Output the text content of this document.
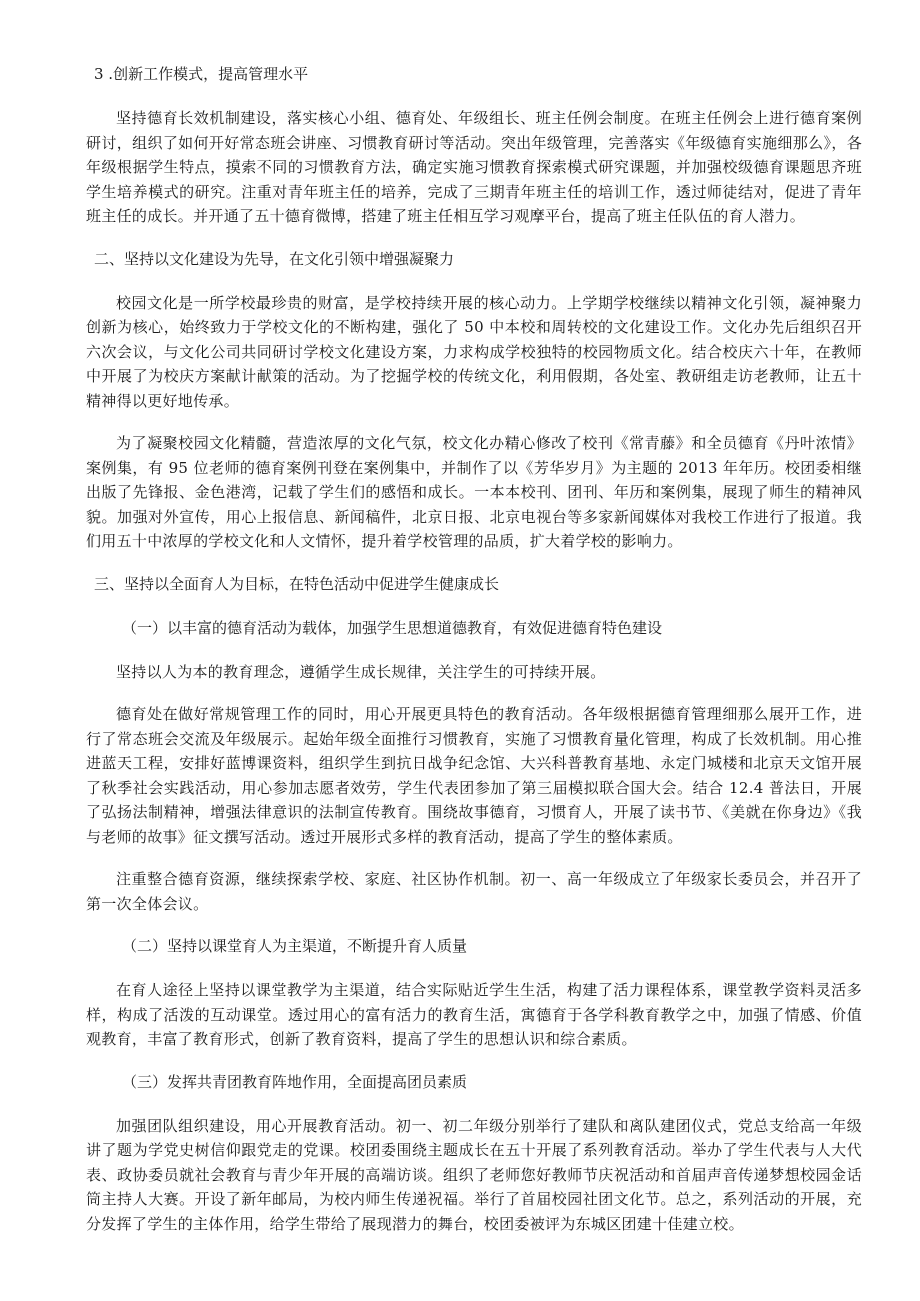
3 .创新工作模式，提高管理水平

坚持德育长效机制建设，落实核心小组、德育处、年级组长、班主任例会制度。在班主任例会上进行德育案例研讨，组织了如何开好常态班会讲座、习惯教育研讨等活动。突出年级管理，完善落实《年级德育实施细那么》，各年级根据学生特点，摸索不同的习惯教育方法，确定实施习惯教育探索模式研究课题，并加强校级德育课题思齐班学生培养模式的研究。注重对青年班主任的培养，完成了三期青年班主任的培训工作，透过师徒结对，促进了青年班主任的成长。并开通了五十德育微博，搭建了班主任相互学习观摩平台，提高了班主任队伍的育人潜力。

二、坚持以文化建设为先导，在文化引领中增强凝聚力

校园文化是一所学校最珍贵的财富，是学校持续开展的核心动力。上学期学校继续以精神文化引领，凝神聚力创新为核心，始终致力于学校文化的不断构建，强化了 50 中本校和周转校的文化建设工作。文化办先后组织召开六次会议，与文化公司共同研讨学校文化建设方案，力求构成学校独特的校园物质文化。结合校庆六十年，在教师中开展了为校庆方案献计献策的活动。为了挖掘学校的传统文化，利用假期，各处室、教研组走访老教师，让五十精神得以更好地传承。

为了凝聚校园文化精髓，营造浓厚的文化气氛，校文化办精心修改了校刊《常青藤》和全员德育《丹叶浓情》案例集，有 95 位老师的德育案例刊登在案例集中，并制作了以《芳华岁月》为主题的 2013 年年历。校团委相继出版了先锋报、金色港湾，记载了学生们的感悟和成长。一本本校刊、团刊、年历和案例集，展现了师生的精神风貌。加强对外宣传，用心上报信息、新闻稿件，北京日报、北京电视台等多家新闻媒体对我校工作进行了报道。我们用五十中浓厚的学校文化和人文情怀，提升着学校管理的品质，扩大着学校的影响力。

三、坚持以全面育人为目标，在特色活动中促进学生健康成长
（一）以丰富的德育活动为载体，加强学生思想道德教育，有效促进德育特色建设

坚持以人为本的教育理念，遵循学生成长规律，关注学生的可持续开展。

德育处在做好常规管理工作的同时，用心开展更具特色的教育活动。各年级根据德育管理细那么展开工作，进行了常态班会交流及年级展示。起始年级全面推行习惯教育，实施了习惯教育量化管理，构成了长效机制。用心推进蓝天工程，安排好蓝博课资料，组织学生到抗日战争纪念馆、大兴科普教育基地、永定门城楼和北京天文馆开展了秋季社会实践活动，用心参加志愿者效劳，学生代表团参加了第三届模拟联合国大会。结合 12.4 普法日，开展了弘扬法制精神，增强法律意识的法制宣传教育。围绕故事德育，习惯育人，开展了读书节、《美就在你身边》《我与老师的故事》征文撰写活动。透过开展形式多样的教育活动，提高了学生的整体素质。

注重整合德育资源，继续探索学校、家庭、社区协作机制。初一、高一年级成立了年级家长委员会，并召开了第一次全体会议。

（二）坚持以课堂育人为主渠道，不断提升育人质量

在育人途径上坚持以课堂教学为主渠道，结合实际贴近学生生活，构建了活力课程体系，课堂教学资料灵活多样，构成了活泼的互动课堂。透过用心的富有活力的教育生活，寓德育于各学科教育教学之中，加强了情感、价值观教育，丰富了教育形式，创新了教育资料，提高了学生的思想认识和综合素质。

（三）发挥共青团教育阵地作用，全面提高团员素质

加强团队组织建设，用心开展教育活动。初一、初二年级分别举行了建队和离队建团仪式，党总支给高一年级讲了题为学党史树信仰跟党走的党课。校团委围绕主题成长在五十开展了系列教育活动。举办了学生代表与人大代表、政协委员就社会教育与青少年开展的高端访谈。组织了老师您好教师节庆祝活动和首届声音传递梦想校园金话筒主持人大赛。开设了新年邮局，为校内师生传递祝福。举行了首届校园社团文化节。总之，系列活动的开展，充分发挥了学生的主体作用，给学生带给了展现潜力的舞台，校团委被评为东城区团建十佳建立校。
